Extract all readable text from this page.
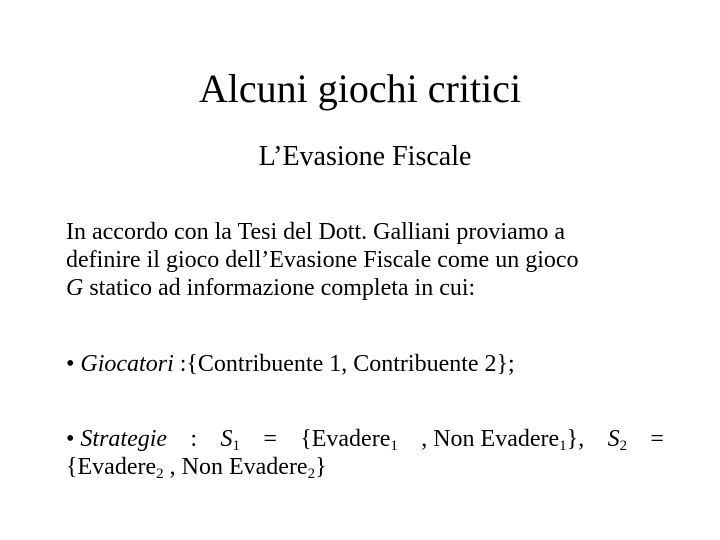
Alcuni giochi critici
L’Evasione Fiscale
In accordo con la Tesi del Dott. Galliani proviamo a
definire il gioco dell’Evasione Fiscale come un gioco
G statico ad informazione completa in cui:
• Giocatori :{Contribuente 1, Contribuente 2};
• Strategie : $S_1$ = {Evadere$_1$ , Non Evadere$_1$}, $S_2$ =
{Evadere$_2$ , Non Evadere$_2$}
